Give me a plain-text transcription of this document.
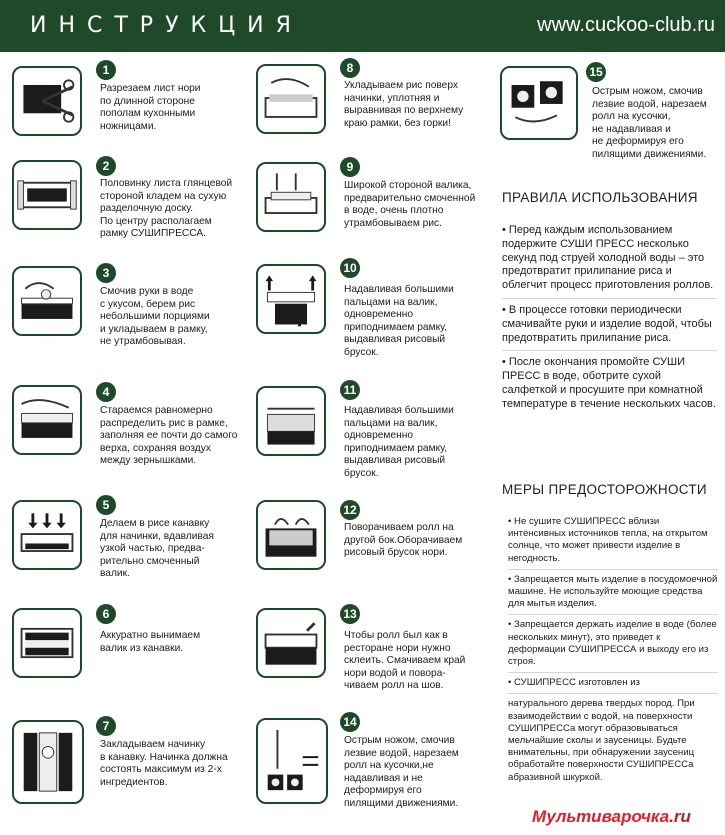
ИНСТРУКЦИЯ	www.cuckoo-club.ru
1
Разрезаем лист нори
по длинной стороне
пополам кухонными
ножницами.
2
Половинку листа глянцевой
стороной кладем на сухую
разделочную доску.
По центру располагаем
рамку СУШИПРЕССА.
3
Смочив руки в воде
с укусом, берем рис
небольшими порциями
и укладываем в рамку,
не утрамбовывая.
4
Стараемся равномерно
распределить рис в рамке,
заполняя ее почти до самого
верха, сохраняя воздух
между зернышками.
5
Делаем в рисе канавку
для начинки, вдавливая
узкой частью, предва-
рительно смоченный
валик.
6
Аккуратно вынимаем
валик из канавки.
7
Закладываем начинку
в канавку. Начинка должна
состоять максимум из 2-х
ингредиентов.
8
Укладываем рис поверх
начинки, уплотняя и
выравнивая по верхнему
краю рамки, без горки!
9
Широкой стороной валика,
предварительно смоченной
в воде, очень плотно
утрамбовываем рис.
10
Надавливая большими
пальцами на валик,
одновременно
приподнимаем рамку,
выдавливая рисовый
брусок.
11
Надавливая большими
пальцами на валик,
одновременно
приподнимаем рамку,
выдавливая рисовый
брусок.
12
Поворачиваем ролл на
другой бок.Оборачиваем
рисовый брусок нори.
13
Чтобы ролл был как в
ресторане нори нужно
склеить. Смачиваем край
нори водой и повора-
чиваем ролл на шов.
14
Острым ножом, смочив
лезвие водой, нарезаем
ролл на кусочки,не
надавливая и не
деформируя его
пилящими движениями.
15
Острым ножом, смочив
лезвие водой, нарезаем
ролл на кусочки,
не надавливая и
не деформируя его
пилящими движениями.
ПРАВИЛА ИСПОЛЬЗОВАНИЯ
• Перед каждым использованием подержите СУШИ ПРЕСС несколько секунд под струей холодной воды – это предотвратит прилипание риса и облегчит процесс приготовления роллов.
• В процессе готовки периодически смачивайте руки и изделие водой, чтобы предотвратить прилипание риса.
• После окончания промойте СУШИ ПРЕСС в воде, оботрите сухой салфеткой и просушите при комнатной температуре в течение нескольких часов.
МЕРЫ ПРЕДОСТОРОЖНОСТИ
• Не сушите СУШИПРЕСС вблизи интенсивных источников тепла, на открытом солнце, что может привести изделие в негодность.
• Запрещается мыть изделие в посудомоечной машине. Не используйте моющие средства для мытья изделия.
• Запрещается держать изделие в воде (более нескольких минут), это приведет к деформации СУШИПРЕССА и выходу его из строя.
• СУШИПРЕСС изготовлен из
натурального дерева твердых пород. При взаимодействии с водой, на поверхности СУШИПРЕССа могут образовываться мельчайшие сколы и заусеницы. Будьте внимательны, при обнаружении заусениц обработайте поверхности СУШИПРЕССа абразивной шкуркой.
Мультиварочка.ru
